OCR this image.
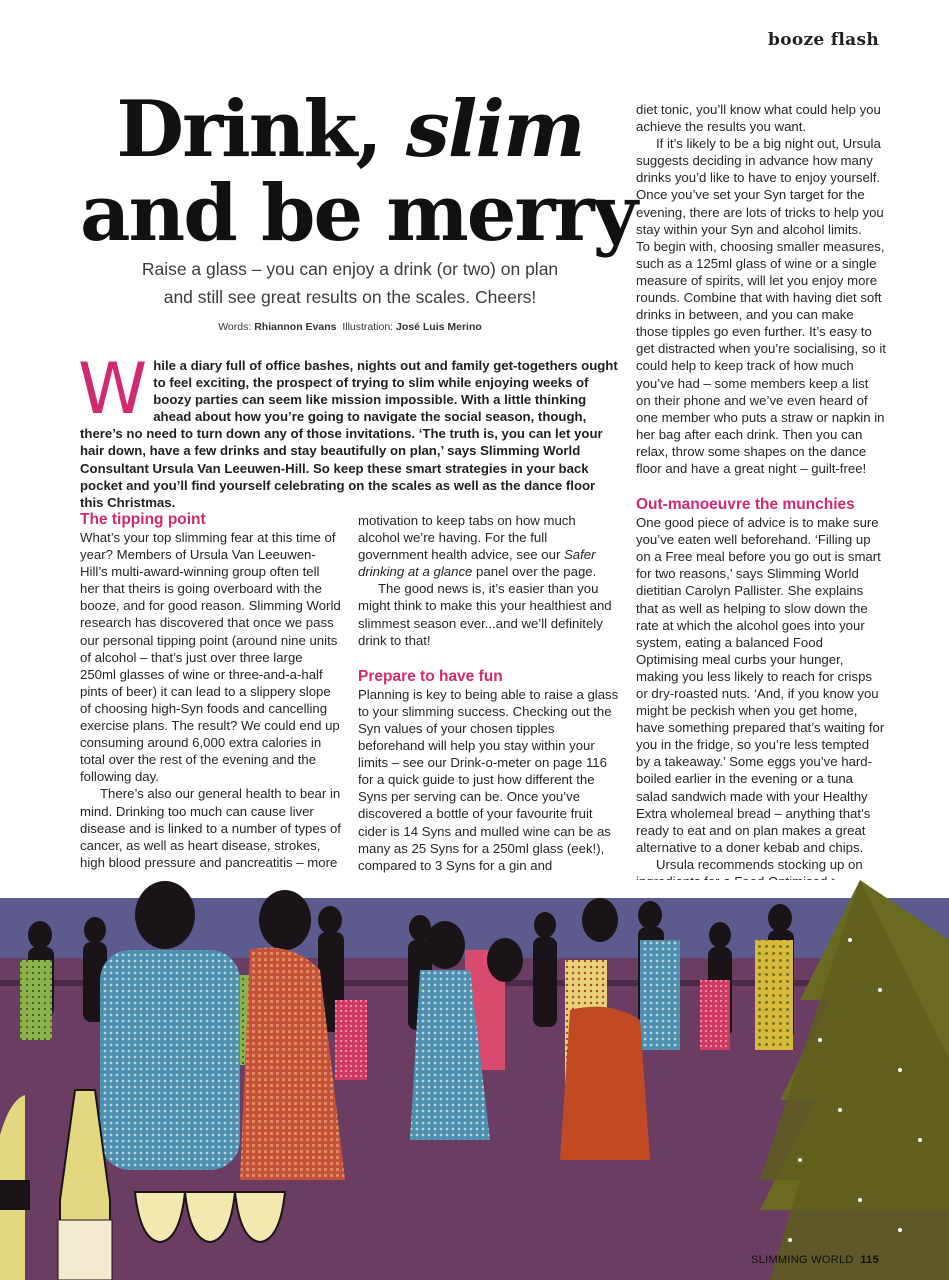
booze flash
Drink, slim
and be merry
Raise a glass – you can enjoy a drink (or two) on plan
and still see great results on the scales. Cheers!
Words: Rhiannon Evans Illustration: José Luis Merino
While a diary full of office bashes, nights out and family get-togethers ought to feel exciting, the prospect of trying to slim while enjoying weeks of boozy parties can seem like mission impossible. With a little thinking ahead about how you’re going to navigate the social season, though, there’s no need to turn down any of those invitations. ‘The truth is, you can let your hair down, have a few drinks and stay beautifully on plan,’ says Slimming World Consultant Ursula Van Leeuwen-Hill. So keep these smart strategies in your back pocket and you’ll find yourself celebrating on the scales as well as the dance floor this Christmas.
The tipping point

What’s your top slimming fear at this time of year? Members of Ursula Van Leeuwen-Hill’s multi-award-winning group often tell her that theirs is going overboard with the booze, and for good reason. Slimming World research has discovered that once we pass our personal tipping point (around nine units of alcohol – that’s just over three large 250ml glasses of wine or three-and-a-half pints of beer) it can lead to a slippery slope of choosing high-Syn foods and cancelling exercise plans. The result? We could end up consuming around 6,000 extra calories in total over the rest of the evening and the following day.

There’s also our general health to bear in mind. Drinking too much can cause liver disease and is linked to a number of types of cancer, as well as heart disease, strokes, high blood pressure and pancreatitis – more

motivation to keep tabs on how much alcohol we’re having. For the full government health advice, see our Safer drinking at a glance panel over the page.

The good news is, it’s easier than you might think to make this your healthiest and slimmest season ever...and we’ll definitely drink to that!

Prepare to have fun

Planning is key to being able to raise a glass to your slimming success. Checking out the Syn values of your chosen tipples beforehand will help you stay within your limits – see our Drink-o-meter on page 116 for a quick guide to just how different the Syns per serving can be. Once you’ve discovered a bottle of your favourite fruit cider is 14 Syns and mulled wine can be as many as 25 Syns for a 250ml glass (eek!), compared to 3 Syns for a gin and

diet tonic, you’ll know what could help you achieve the results you want.

If it’s likely to be a big night out, Ursula suggests deciding in advance how many drinks you’d like to have to enjoy yourself. Once you’ve set your Syn target for the evening, there are lots of tricks to help you stay within your Syn and alcohol limits.

To begin with, choosing smaller measures, such as a 125ml glass of wine or a single measure of spirits, will let you enjoy more rounds. Combine that with having diet soft drinks in between, and you can make those tipples go even further. It’s easy to get distracted when you’re socialising, so it could help to keep track of how much you’ve had – some members keep a list on their phone and we’ve even heard of one member who puts a straw or napkin in her bag after each drink. Then you can relax, throw some shapes on the dance floor and have a great night – guilt-free!

Out-manoeuvre the munchies

One good piece of advice is to make sure you’ve eaten well beforehand. ‘Filling up on a Free meal before you go out is smart for two reasons,’ says Slimming World dietitian Carolyn Pallister. She explains that as well as helping to slow down the rate at which the alcohol goes into your system, eating a balanced Food Optimising meal curbs your hunger, making you less likely to reach for crisps or dry-roasted nuts. ‘And, if you know you might be peckish when you get home, have something prepared that’s waiting for you in the fridge, so you’re less tempted by a takeaway.’ Some eggs you’ve hard-boiled earlier in the evening or a tuna salad sandwich made with your Healthy Extra wholemeal bread – anything that’s ready to eat and on plan makes a great alternative to a doner kebab and chips.

Ursula recommends stocking up on

SLIMMING WORLD 115
